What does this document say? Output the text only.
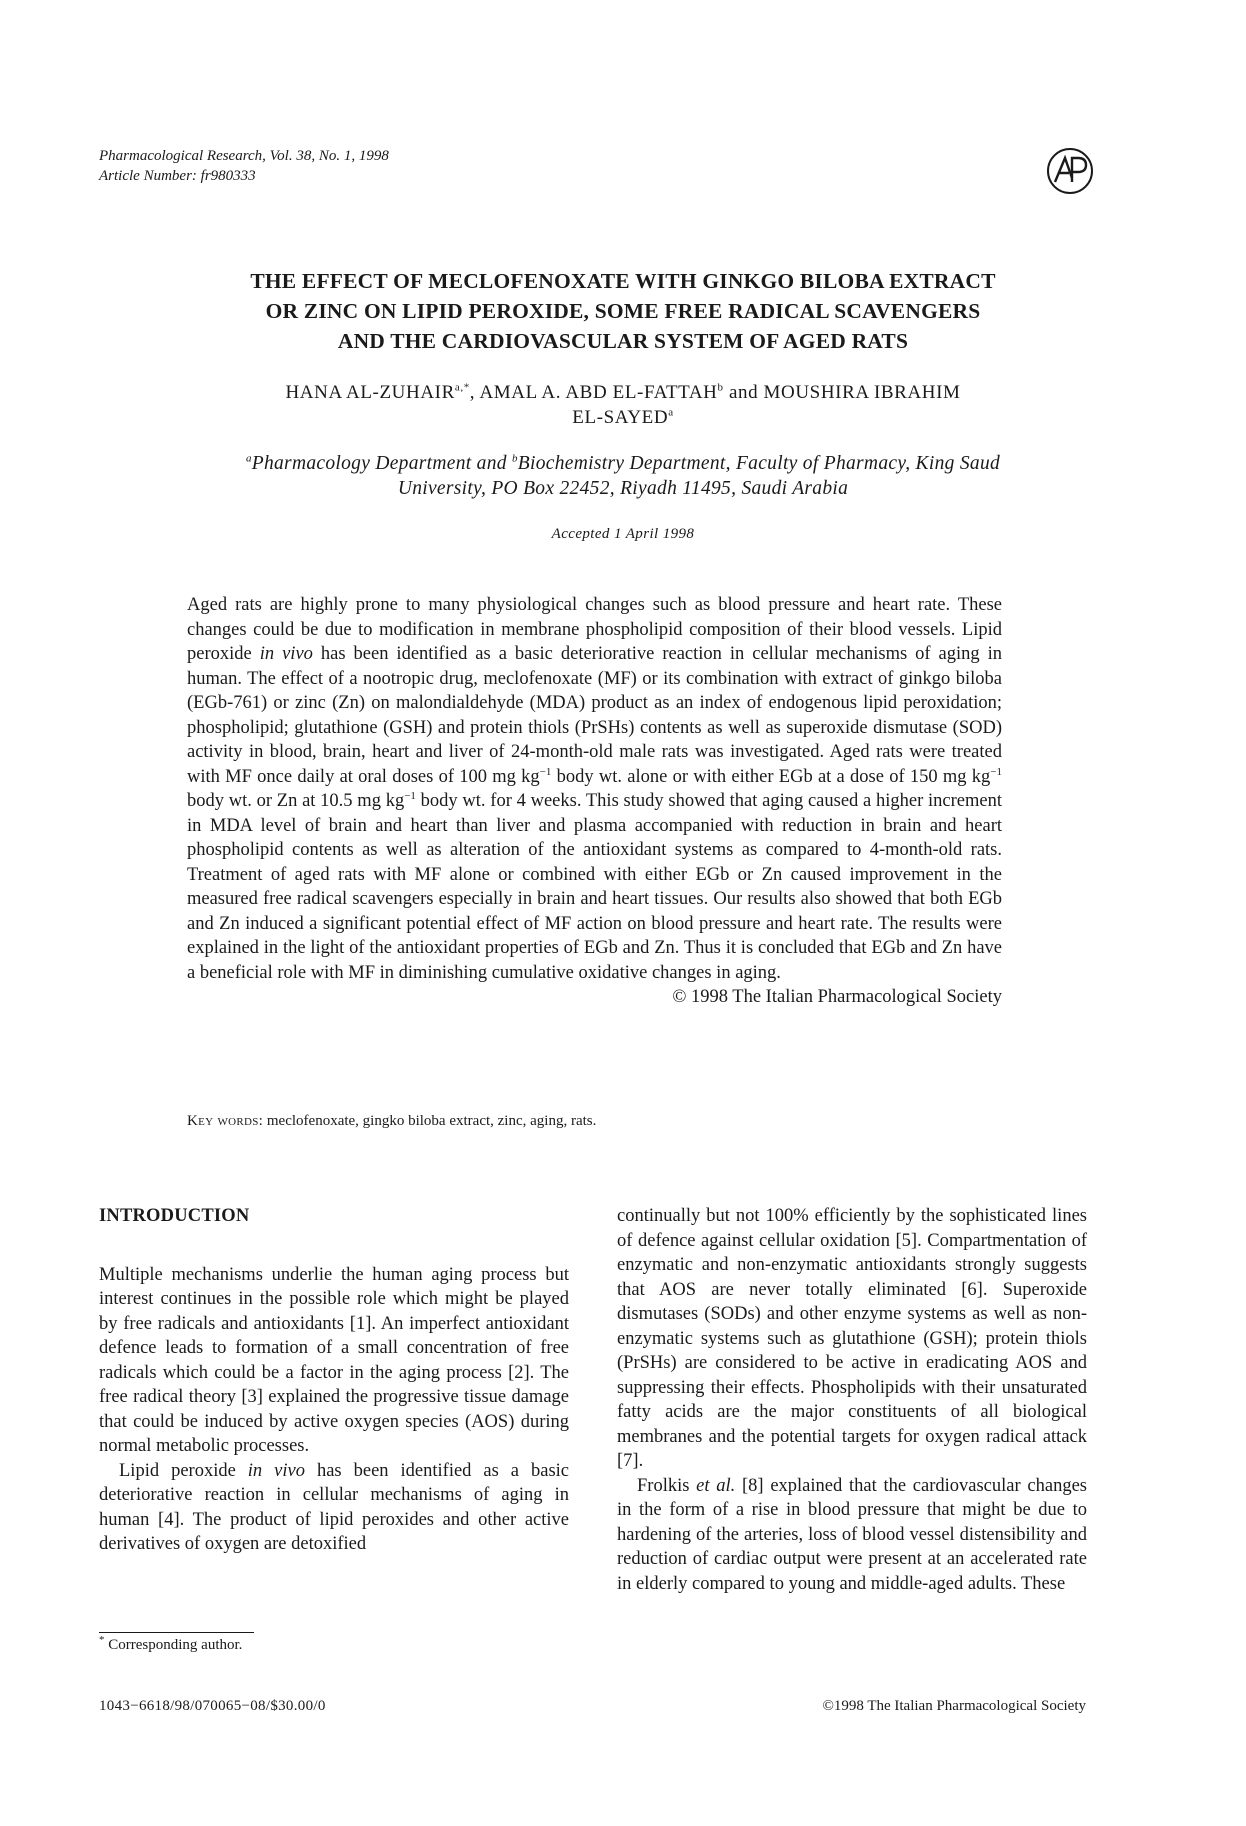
Pharmacological Research, Vol. 38, No. 1, 1998
Article Number: fr980333
THE EFFECT OF MECLOFENOXATE WITH GINKGO BILOBA EXTRACT
OR ZINC ON LIPID PEROXIDE, SOME FREE RADICAL SCAVENGERS
AND THE CARDIOVASCULAR SYSTEM OF AGED RATS
HANA $AL-ZUHAIR^{a,*}$, AMAL A. ABD EL-FATTAH$^b$ and MOUSHIRA IBRAHIM
EL-SAYED$^a$
$^a$Pharmacology Department and $^b$Biochemistry Department, Faculty of Pharmacy, King Saud
University, PO Box 22452, Riyadh 11495, Saudi Arabia
Accepted 1 April 1998
Aged rats are highly prone to many physiological changes such as blood pressure and heart rate. These changes could be due to modification in membrane phospholipid composition of their blood vessels. Lipid peroxide in vivo has been identified as a basic deteriorative reaction in cellular mechanisms of aging in human. The effect of a nootropic drug, meclofenoxate (MF) or its combination with extract of ginkgo biloba (EGb-761) or zinc (Zn) on malondialdehyde (MDA) product as an index of endogenous lipid peroxidation; phospholipid; glutathione (GSH) and protein thiols (PrSHs) contents as well as superoxide dismutase (SOD) activity in blood, brain, heart and liver of 24-month-old male rats was investigated. Aged rats were treated with MF once daily at oral doses of 100 mg $kg^{-1}$ body wt. alone or with either EGb at a dose of 150 mg $kg^{-1}$ body wt. or Zn at 10.5 mg $kg^{-1}$ body wt. for 4 weeks. This study showed that aging caused a higher increment in MDA level of brain and heart than liver and plasma accompanied with reduction in brain and heart phospholipid contents as well as alteration of the antioxidant systems as compared to 4-month-old rats. Treatment of aged rats with MF alone or combined with either EGb or Zn caused improvement in the measured free radical scavengers especially in brain and heart tissues. Our results also showed that both EGb and Zn induced a significant potential effect of MF action on blood pressure and heart rate. The results were explained in the light of the antioxidant properties of EGb and Zn. Thus it is concluded that EGb and Zn have a beneficial role with MF in diminishing cumulative oxidative changes in aging.
© 1998 The Italian Pharmacological Society
Key words: meclofenoxate, gingko biloba extract, zinc, aging, rats.
INTRODUCTION

Multiple mechanisms underlie the human aging process but interest continues in the possible role which might be played by free radicals and antioxidants [1]. An imperfect antioxidant defence leads to formation of a small concentration of free radicals which could be a factor in the aging process [2]. The free radical theory [3] explained the progressive tissue damage that could be induced by active oxygen species (AOS) during normal metabolic processes.

Lipid peroxide in vivo has been identified as a basic deteriorative reaction in cellular mechanisms of aging in human [4]. The product of lipid peroxides and other active derivatives of oxygen are detoxified

continually but not 100% efficiently by the sophisticated lines of defence against cellular oxidation [5]. Compartmentation of enzymatic and non-enzymatic antioxidants strongly suggests that AOS are never totally eliminated [6]. Superoxide dismutases (SODs) and other enzyme systems as well as non-enzymatic systems such as glutathione (GSH); protein thiols (PrSHs) are considered to be active in eradicating AOS and suppressing their effects. Phospholipids with their unsaturated fatty acids are the major constituents of all biological membranes and the potential targets for oxygen radical attack [7].

Frolkis et al. [8] explained that the cardiovascular changes in the form of a rise in blood pressure that might be due to hardening of the arteries, loss of blood vessel distensibility and reduction of cardiac output were present at an accelerated rate in elderly compared to young and middle-aged adults. These

* Corresponding author.
1043−6618/98/070065−08/$30.00/0	©1998 The Italian Pharmacological Society
